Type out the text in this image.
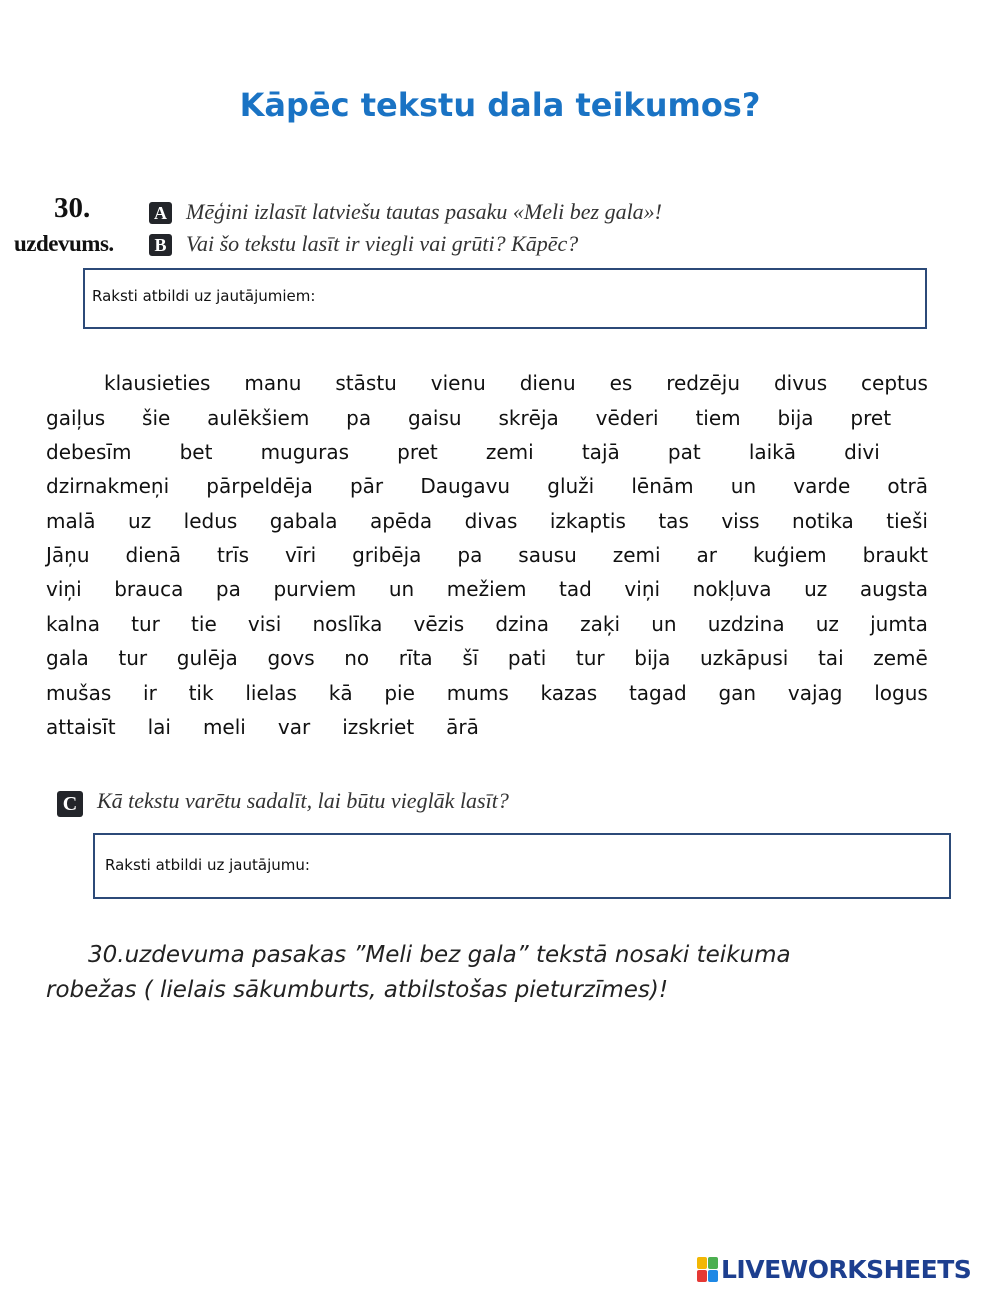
Kāpēc tekstu dala teikumos?
30.
uzdevums.
A Mēģini izlasīt latviešu tautas pasaku «Meli bez gala»!
B Vai šo tekstu lasīt ir viegli vai grūti? Kāpēc?
Raksti atbildi uz jautājumiem:
klausieties manu stāstu vienu dienu es redzēju divus ceptus
gaiļus šie aulēkšiem pa gaisu skrēja vēderi tiem bija pret
debesīm bet muguras pret zemi tajā pat laikā divi
dzirnakmeņi pārpeldēja pār Daugavu gluži lēnām un varde otrā
malā uz ledus gabala apēda divas izkaptis tas viss notika tieši
Jāņu dienā trīs vīri gribēja pa sausu zemi ar kuģiem braukt
viņi brauca pa purviem un mežiem tad viņi nokļuva uz augsta
kalna tur tie visi noslīka vēzis dzina zaķi un uzdzina uz jumta
gala tur gulēja govs no rīta šī pati tur bija uzkāpusi tai zemē
mušas ir tik lielas kā pie mums kazas tagad gan vajag logus
attaisīt lai meli var izskriet ārā
C Kā tekstu varētu sadalīt, lai būtu vieglāk lasīt?
Raksti atbildi uz jautājumu:
30.uzdevuma pasakas ”Meli bez gala” tekstā nosaki teikuma
robežas ( lielais sākumburts, atbilstošas pieturzīmes)!
LIVEWORKSHEETS
